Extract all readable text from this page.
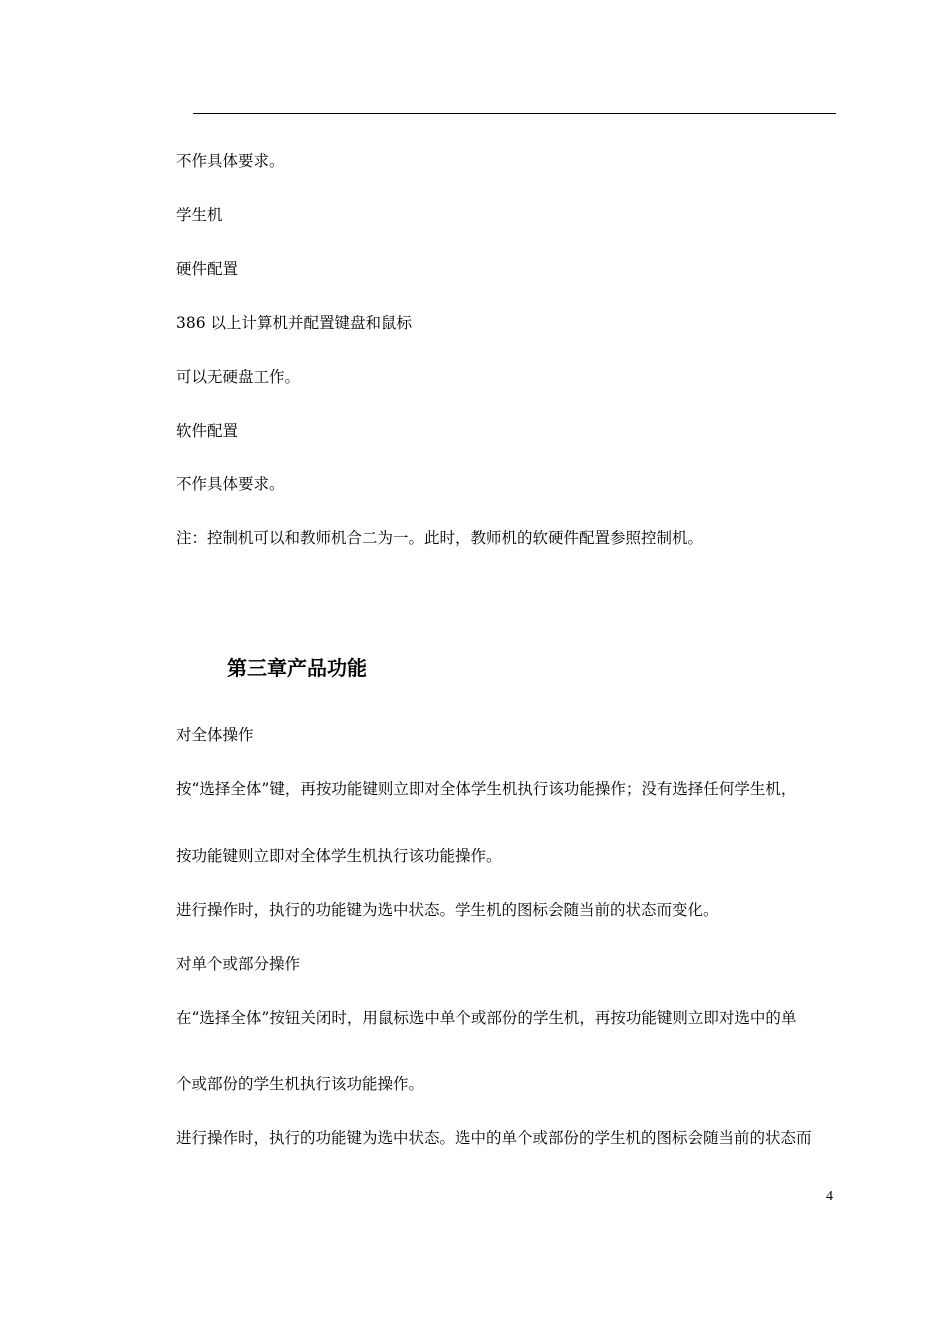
不作具体要求。
学生机
硬件配置
386 以上计算机并配置键盘和鼠标
可以无硬盘工作。
软件配置
不作具体要求。
注：控制机可以和教师机合二为一。此时，教师机的软硬件配置参照控制机。
第三章产品功能
对全体操作
按“选择全体”键，再按功能键则立即对全体学生机执行该功能操作；没有选择任何学生机，
按功能键则立即对全体学生机执行该功能操作。
进行操作时，执行的功能键为选中状态。学生机的图标会随当前的状态而变化。
对单个或部分操作
在“选择全体”按钮关闭时，用鼠标选中单个或部份的学生机，再按功能键则立即对选中的单
个或部份的学生机执行该功能操作。
进行操作时，执行的功能键为选中状态。选中的单个或部份的学生机的图标会随当前的状态而
4
